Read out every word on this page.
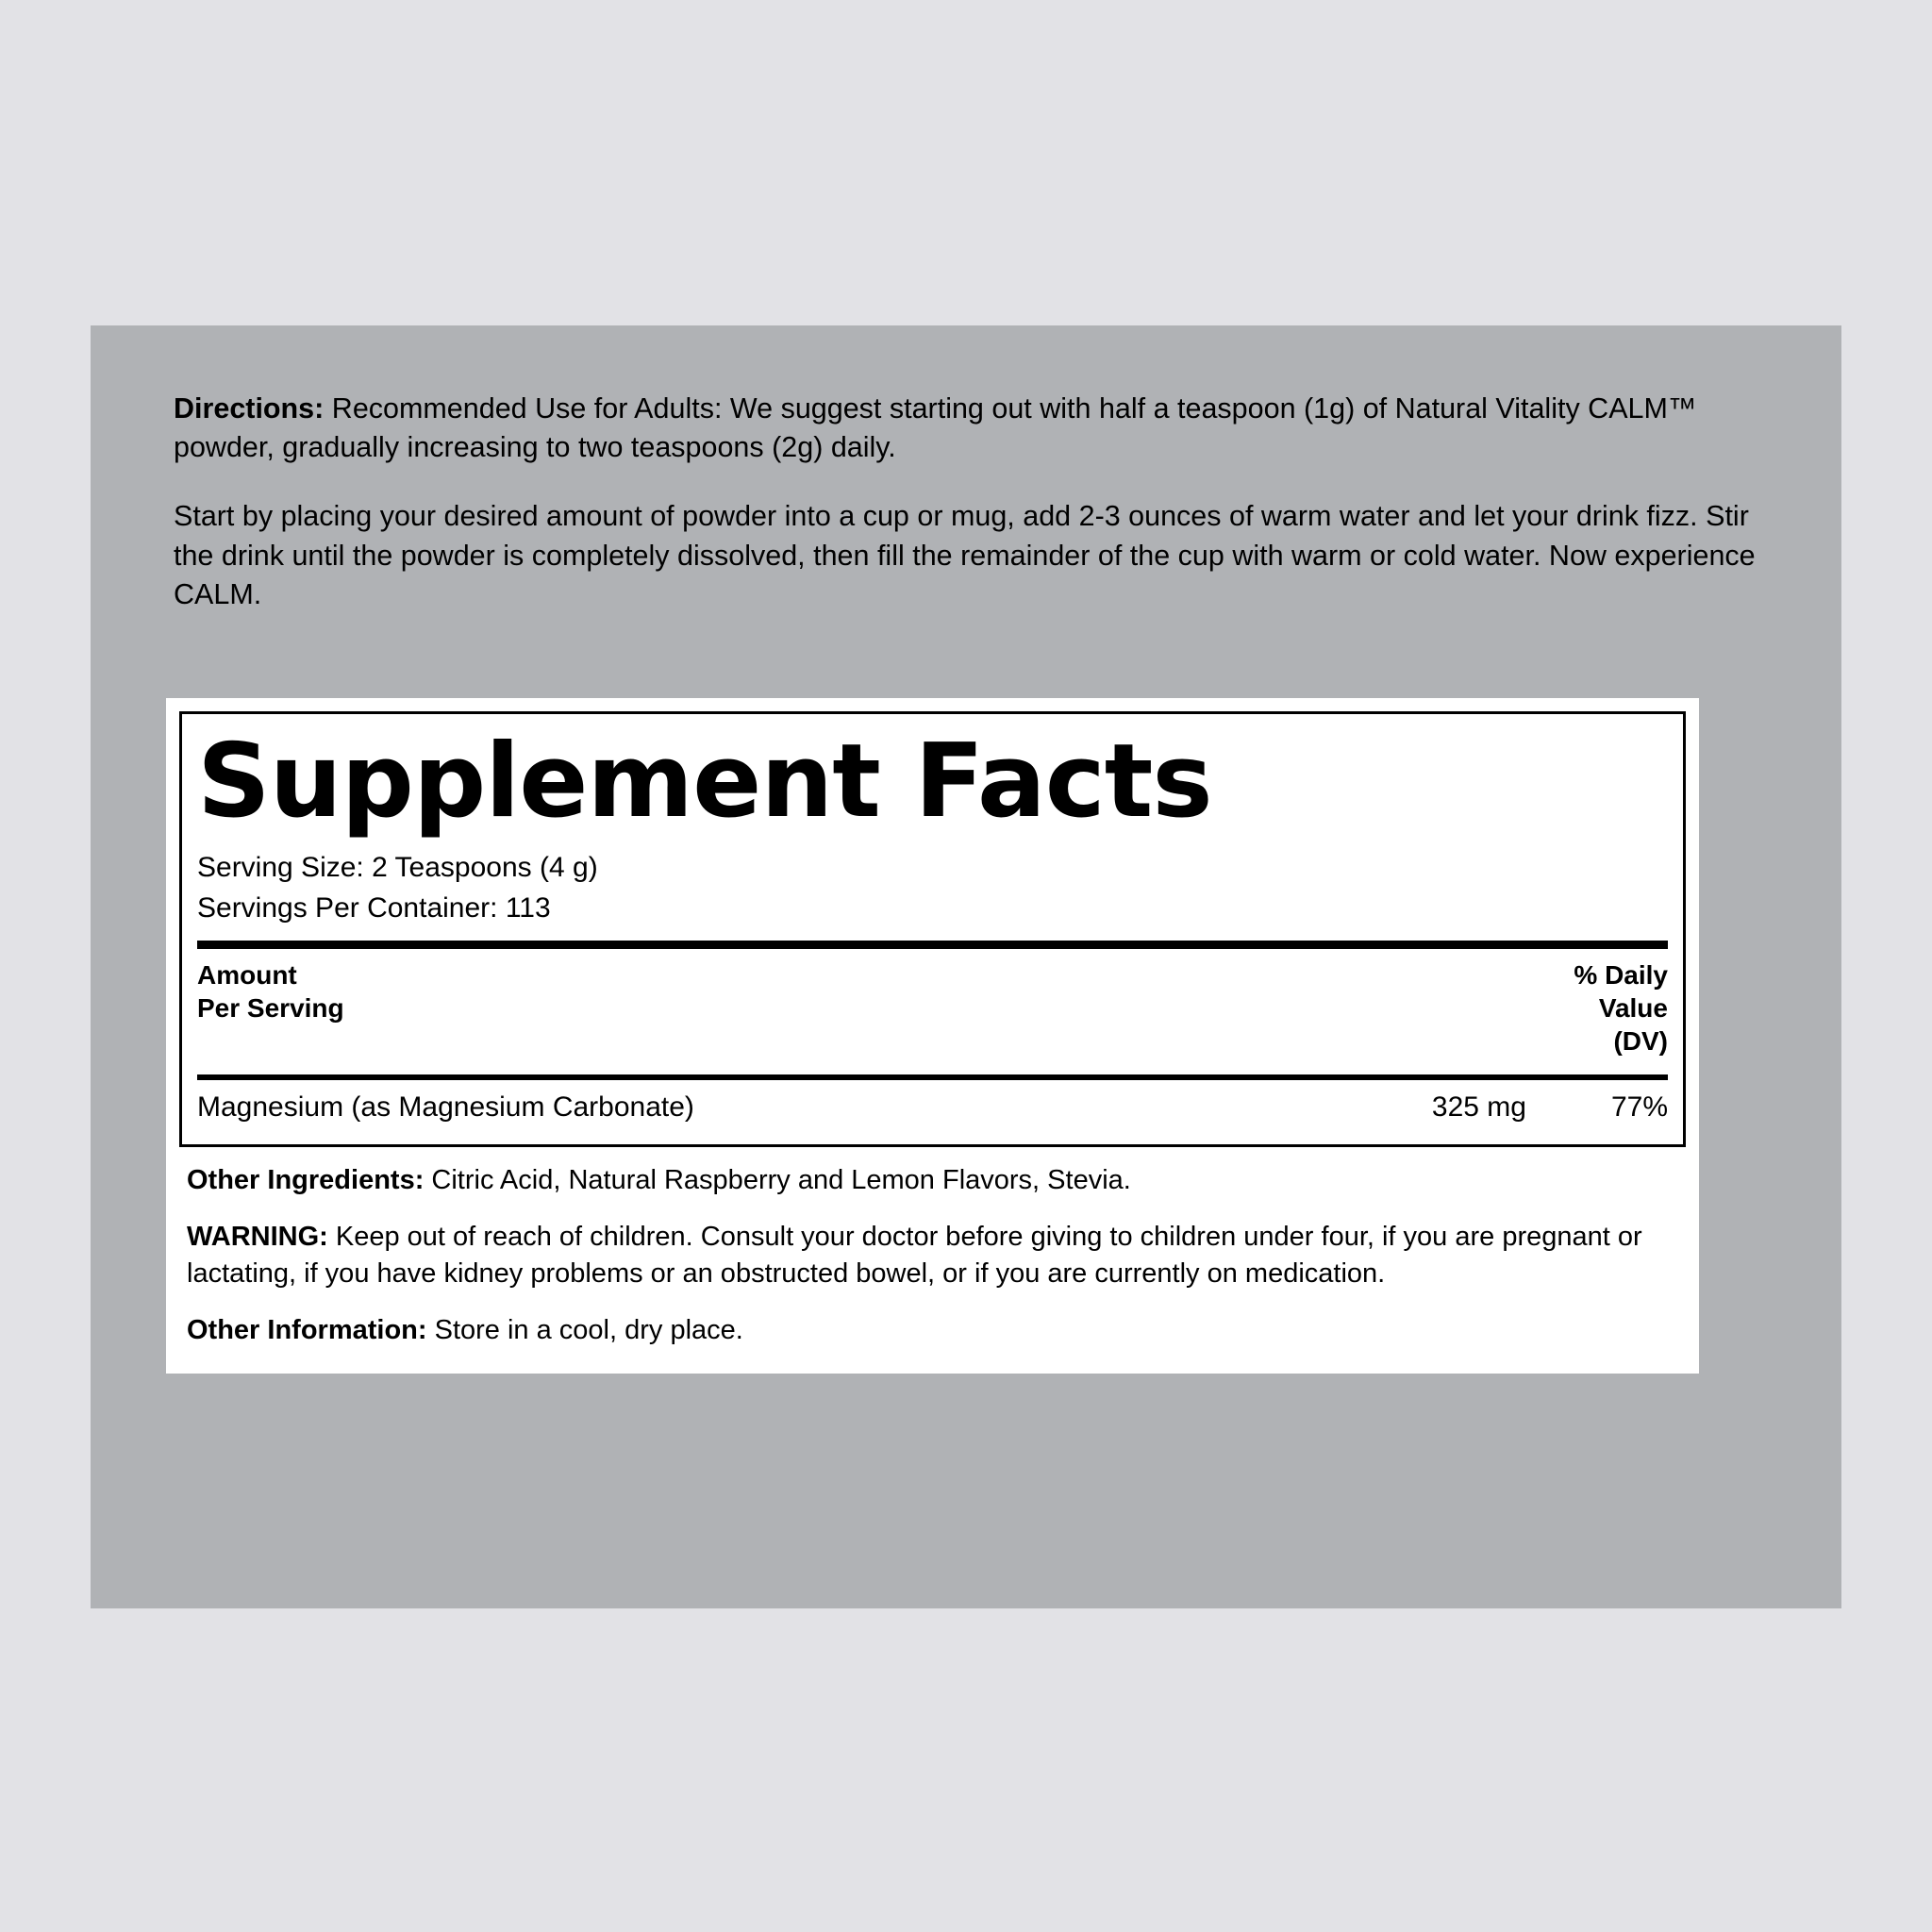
Directions: Recommended Use for Adults: We suggest starting out with half a teaspoon (1g) of Natural Vitality CALM™ powder, gradually increasing to two teaspoons (2g) daily.

Start by placing your desired amount of powder into a cup or mug, add 2-3 ounces of warm water and let your drink fizz. Stir the drink until the powder is completely dissolved, then fill the remainder of the cup with warm or cold water. Now experience CALM.

Supplement Facts
Serving Size: 2 Teaspoons (4 g)
Servings Per Container: 113
Amount
Per Serving
% Daily
Value
(DV)
Magnesium (as Magnesium Carbonate)	325 mg	77%

Other Ingredients: Citric Acid, Natural Raspberry and Lemon Flavors, Stevia.

WARNING: Keep out of reach of children. Consult your doctor before giving to children under four, if you are pregnant or lactating, if you have kidney problems or an obstructed bowel, or if you are currently on medication.

Other Information: Store in a cool, dry place.
